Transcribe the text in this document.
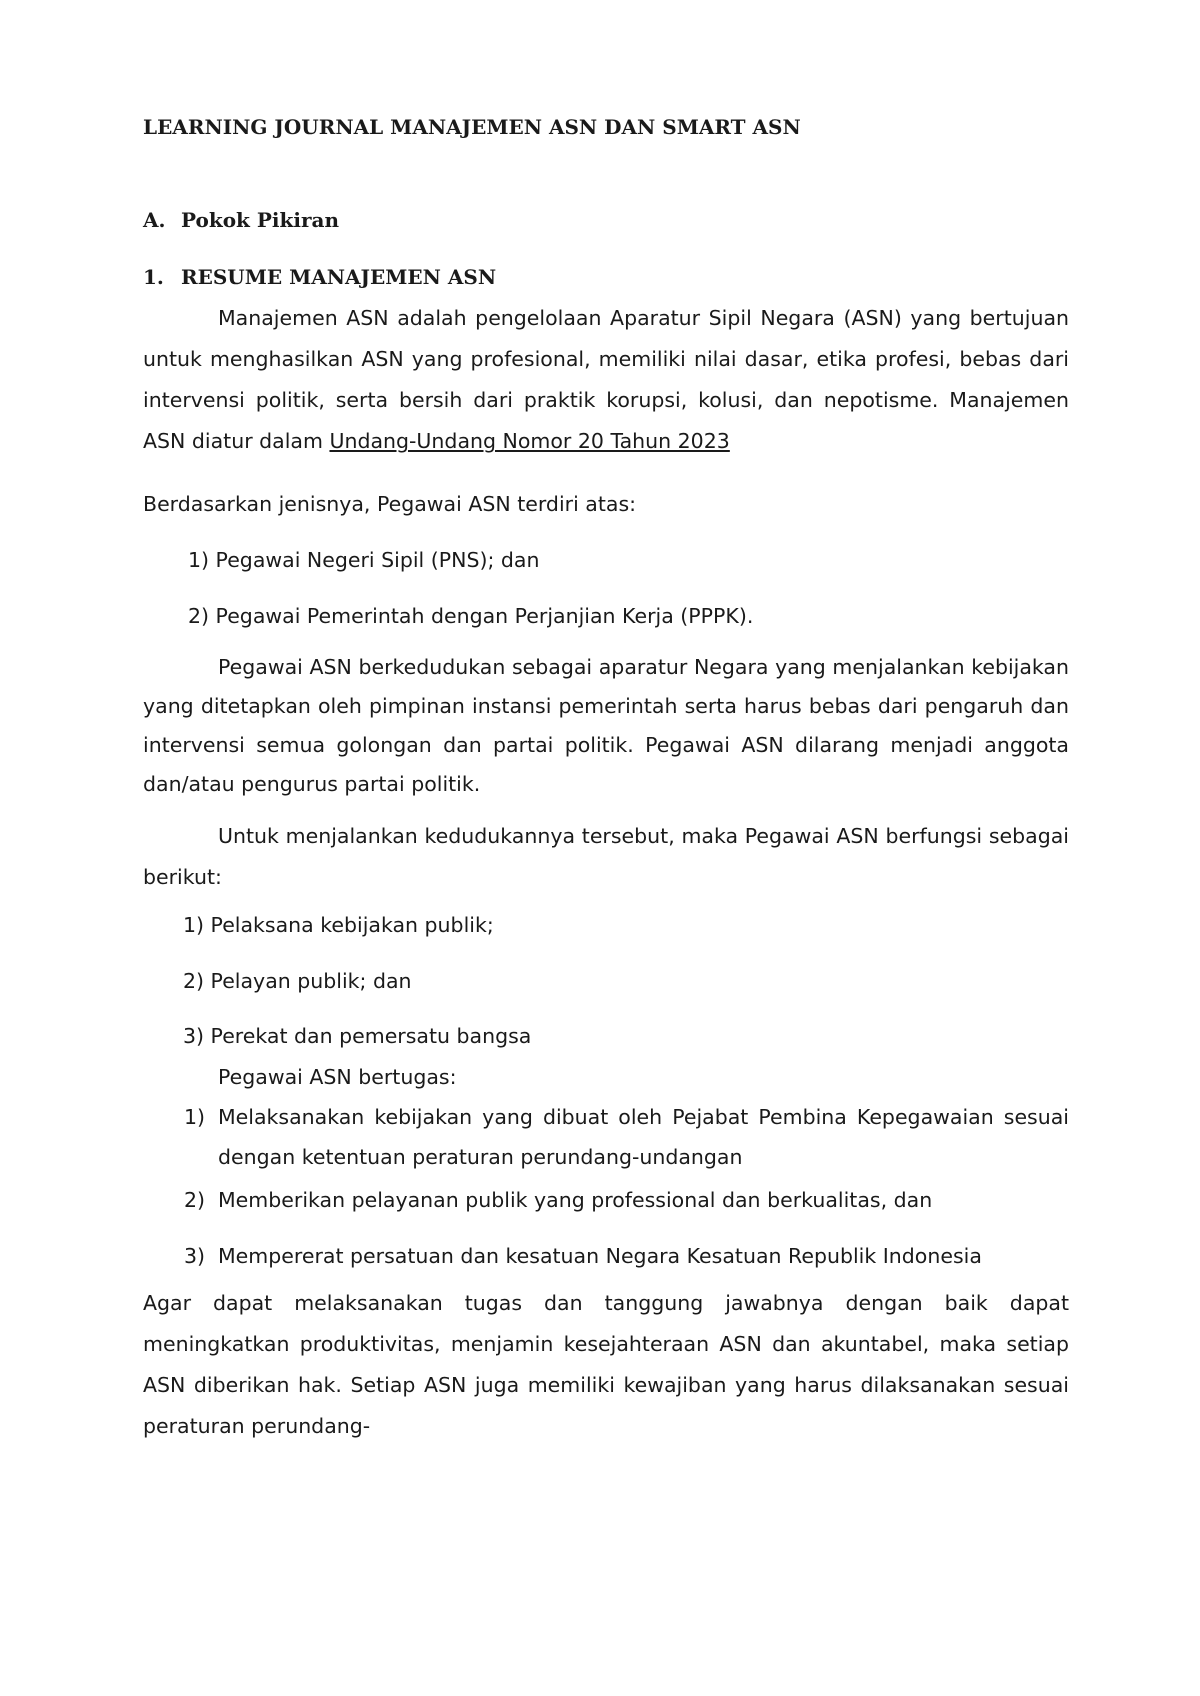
LEARNING JOURNAL MANAJEMEN ASN DAN SMART ASN

A. Pokok Pikiran

1. RESUME MANAJEMEN ASN

Manajemen ASN adalah pengelolaan Aparatur Sipil Negara (ASN) yang bertujuan untuk menghasilkan ASN yang profesional, memiliki nilai dasar, etika profesi, bebas dari intervensi politik, serta bersih dari praktik korupsi, kolusi, dan nepotisme. Manajemen ASN diatur dalam Undang-Undang Nomor 20 Tahun 2023

Berdasarkan jenisnya, Pegawai ASN terdiri atas:

1) Pegawai Negeri Sipil (PNS); dan

2) Pegawai Pemerintah dengan Perjanjian Kerja (PPPK).

Pegawai ASN berkedudukan sebagai aparatur Negara yang menjalankan kebijakan yang ditetapkan oleh pimpinan instansi pemerintah serta harus bebas dari pengaruh dan intervensi semua golongan dan partai politik. Pegawai ASN dilarang menjadi anggota dan/atau pengurus partai politik.

Untuk menjalankan kedudukannya tersebut, maka Pegawai ASN berfungsi sebagai berikut:

1) Pelaksana kebijakan publik;

2) Pelayan publik; dan

3) Perekat dan pemersatu bangsa

Pegawai ASN bertugas:

1) Melaksanakan kebijakan yang dibuat oleh Pejabat Pembina Kepegawaian sesuai dengan ketentuan peraturan perundang-undangan

2) Memberikan pelayanan publik yang professional dan berkualitas, dan
3) Mempererat persatuan dan kesatuan Negara Kesatuan Republik Indonesia

Agar dapat melaksanakan tugas dan tanggung jawabnya dengan baik dapat meningkatkan produktivitas, menjamin kesejahteraan ASN dan akuntabel, maka setiap ASN diberikan hak. Setiap ASN juga memiliki kewajiban yang harus dilaksanakan sesuai peraturan perundang-
